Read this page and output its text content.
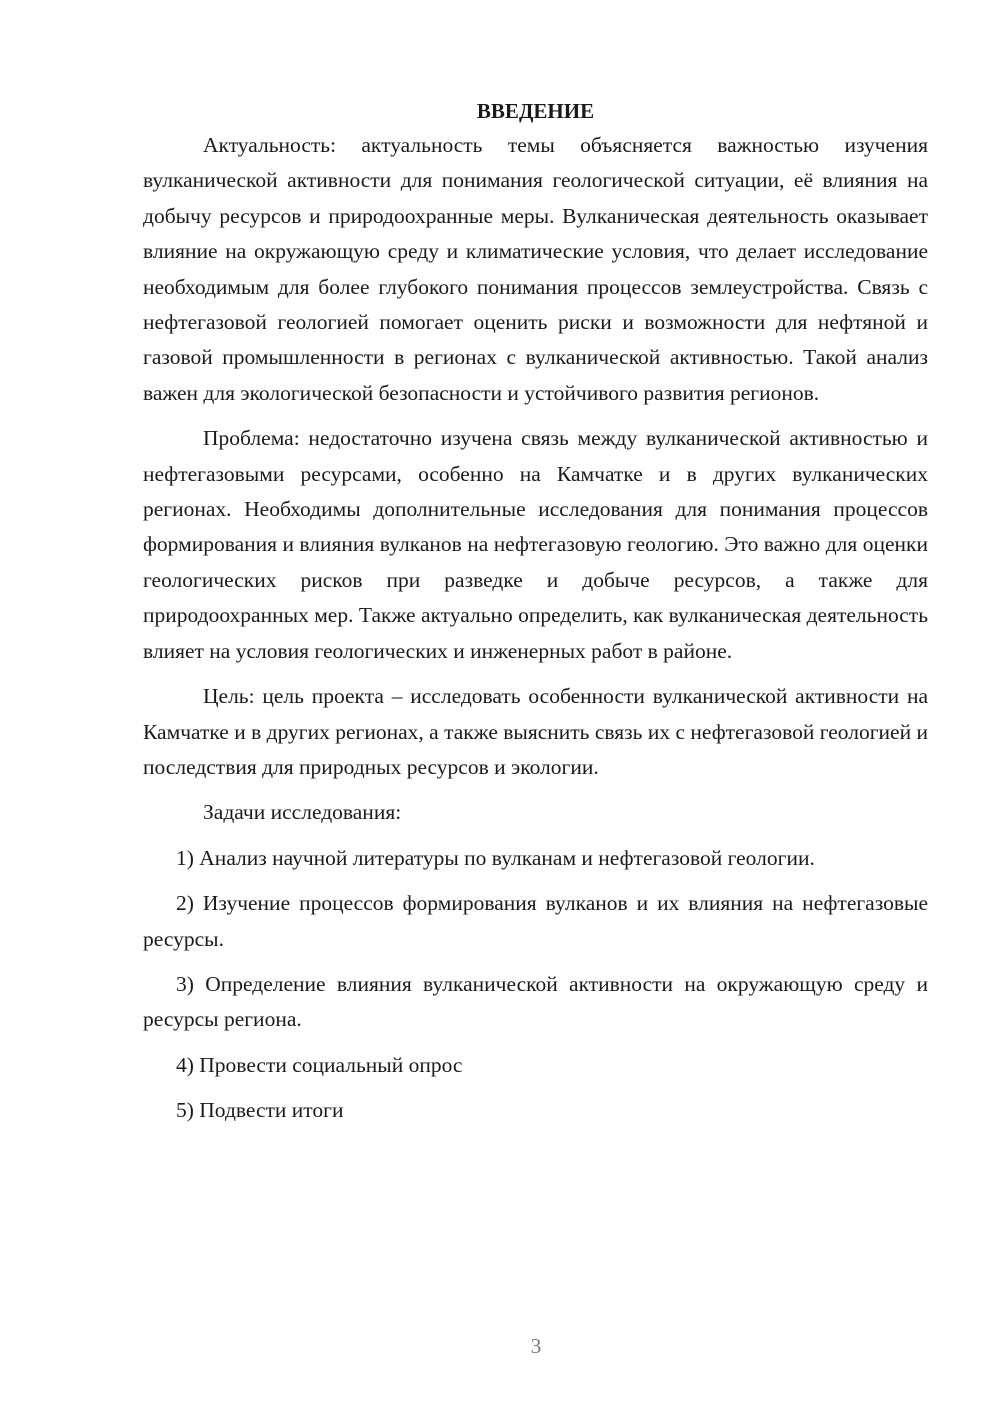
ВВЕДЕНИЕ

Актуальность: актуальность темы объясняется важностью изучения вулканической активности для понимания геологической ситуации, её влияния на добычу ресурсов и природоохранные меры. Вулканическая деятельность оказывает влияние на окружающую среду и климатические условия, что делает исследование необходимым для более глубокого понимания процессов землеустройства. Связь с нефтегазовой геологией помогает оценить риски и возможности для нефтяной и газовой промышленности в регионах с вулканической активностью. Такой анализ важен для экологической безопасности и устойчивого развития регионов.

Проблема: недостаточно изучена связь между вулканической активностью и нефтегазовыми ресурсами, особенно на Камчатке и в других вулканических регионах. Необходимы дополнительные исследования для понимания процессов формирования и влияния вулканов на нефтегазовую геологию. Это важно для оценки геологических рисков при разведке и добыче ресурсов, а также для природоохранных мер. Также актуально определить, как вулканическая деятельность влияет на условия геологических и инженерных работ в районе.

Цель: цель проекта – исследовать особенности вулканической активности на Камчатке и в других регионах, а также выяснить связь их с нефтегазовой геологией и последствия для природных ресурсов и экологии.

Задачи исследования:

1) Анализ научной литературы по вулканам и нефтегазовой геологии.

2) Изучение процессов формирования вулканов и их влияния на нефтегазовые ресурсы.

3) Определение влияния вулканической активности на окружающую среду и ресурсы региона.

4) Провести социальный опрос

5) Подвести итоги

3
